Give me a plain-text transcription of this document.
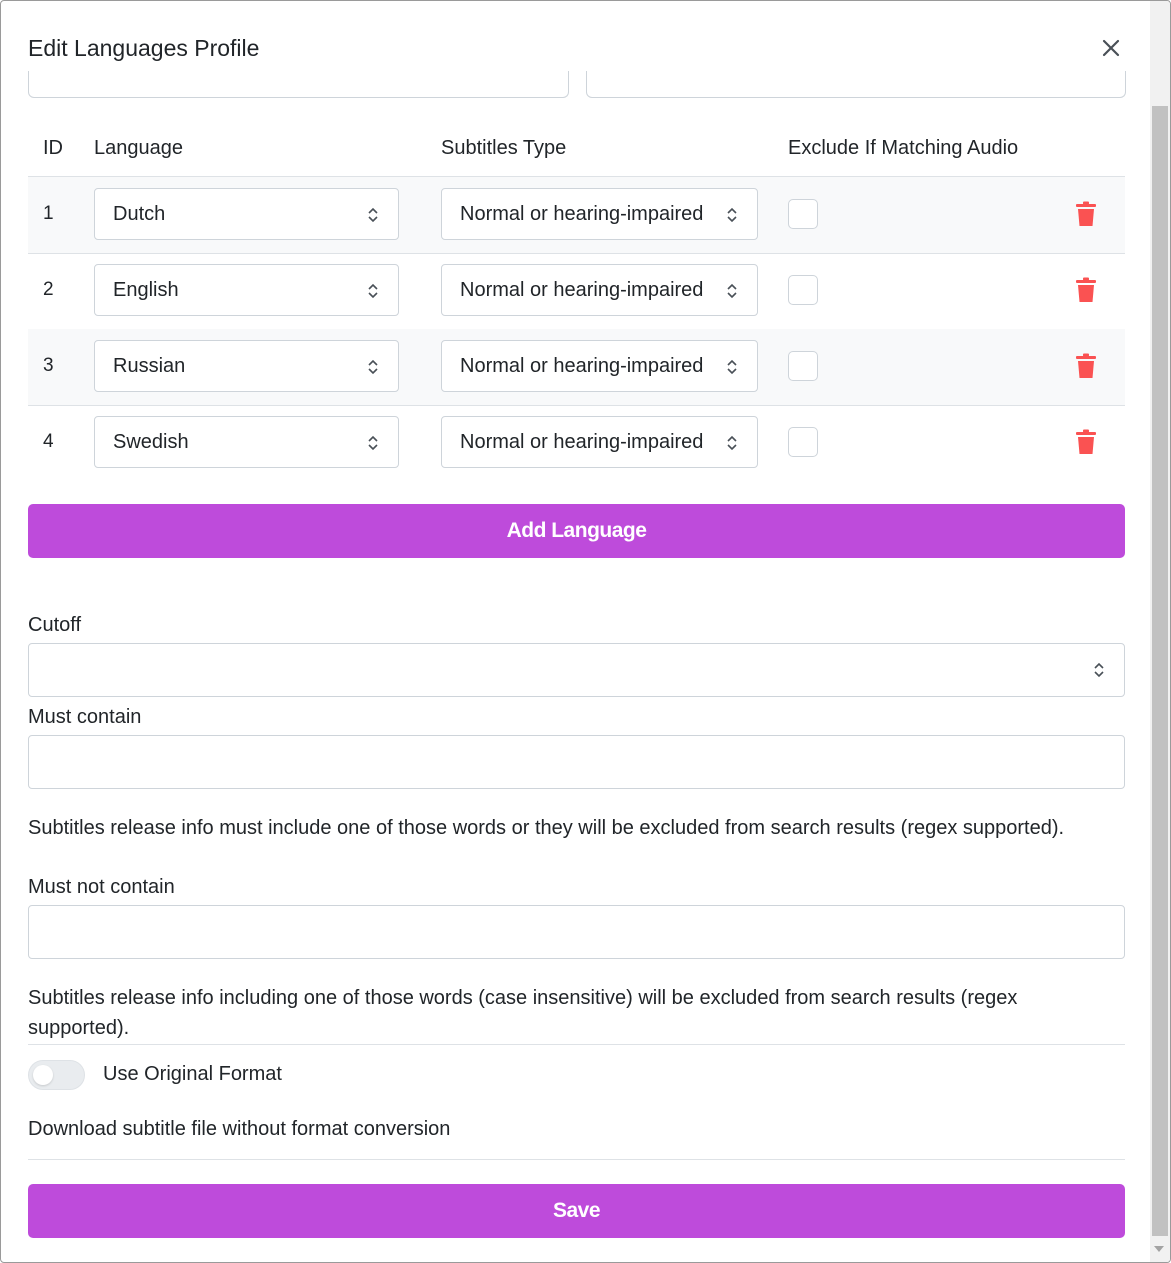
Edit Languages Profile
ID Language	Subtitles Type	Exclude If Matching Audio
1	Dutch	Normal or hearing-impaired
2	English	Normal or hearing-impaired
3	Russian	Normal or hearing-impaired
4	Swedish	Normal or hearing-impaired
Add Language
Cutoff
Must contain
Subtitles release info must include one of those words or they will be excluded from search results (regex supported).
Must not contain
Subtitles release info including one of those words (case insensitive) will be excluded from search results (regex supported).
Use Original Format
Download subtitle file without format conversion
Save
